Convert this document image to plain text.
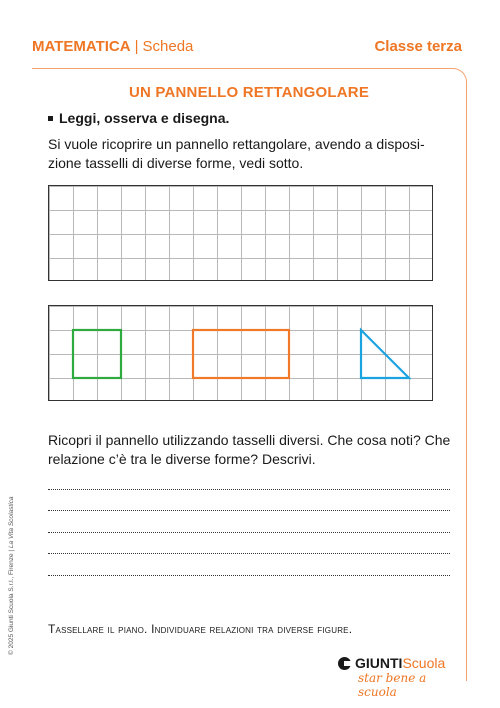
MATEMATICA | Scheda	Classe terza
UN PANNELLO RETTANGOLARE
Leggi, osserva e disegna.
Si vuole ricoprire un pannello rettangolare, avendo a disposi-zione tasselli di diverse forme, vedi sotto.
Ricopri il pannello utilizzando tasselli diversi. Che cosa noti? Che relazione c’è tra le diverse forme? Descrivi.
Tassellare il piano. Individuare relazioni tra diverse figure.
© 2025 Giunti Scuola S.r.l., Firenze | La Vita Scolastica
GIUNTI Scuola
star bene a scuola
